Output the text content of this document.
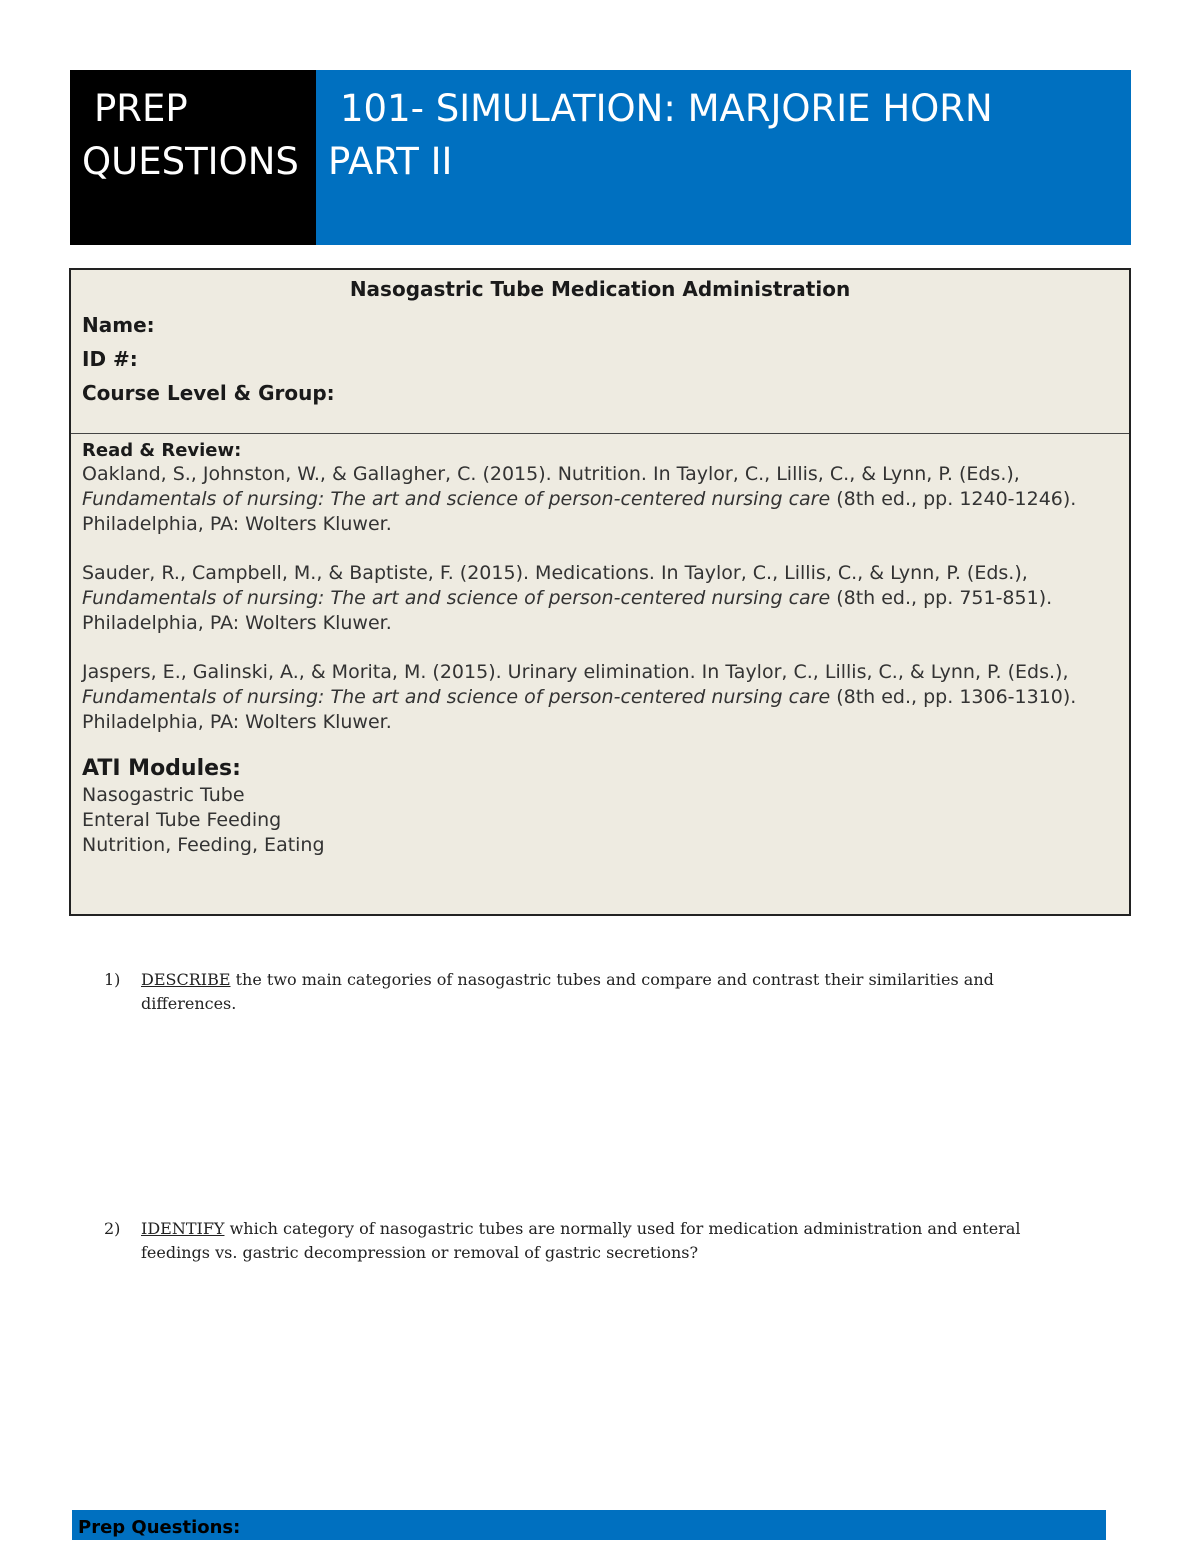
PREP
QUESTIONS
101- SIMULATION: MARJORIE HORN
PART II
Nasogastric Tube Medication Administration
Name:
ID #:
Course Level & Group:
Read & Review:

Oakland, S., Johnston, W., & Gallagher, C. (2015). Nutrition. In Taylor, C., Lillis, C., & Lynn, P. (Eds.), Fundamentals of nursing: The art and science of person-centered nursing care (8th ed., pp. 1240-1246). Philadelphia, PA: Wolters Kluwer.

Sauder, R., Campbell, M., & Baptiste, F. (2015). Medications. In Taylor, C., Lillis, C., & Lynn, P. (Eds.), Fundamentals of nursing: The art and science of person-centered nursing care (8th ed., pp. 751-851). Philadelphia, PA: Wolters Kluwer.

Jaspers, E., Galinski, A., & Morita, M. (2015). Urinary elimination. In Taylor, C., Lillis, C., & Lynn, P. (Eds.), Fundamentals of nursing: The art and science of person-centered nursing care (8th ed., pp. 1306-1310). Philadelphia, PA: Wolters Kluwer.

ATI Modules:
Nasogastric Tube
Enteral Tube Feeding
Nutrition, Feeding, Eating
1)	DESCRIBE the two main categories of nasogastric tubes and compare and contrast their similarities and differences.
2)	IDENTIFY which category of nasogastric tubes are normally used for medication administration and enteral feedings vs. gastric decompression or removal of gastric secretions?
Prep Questions:
